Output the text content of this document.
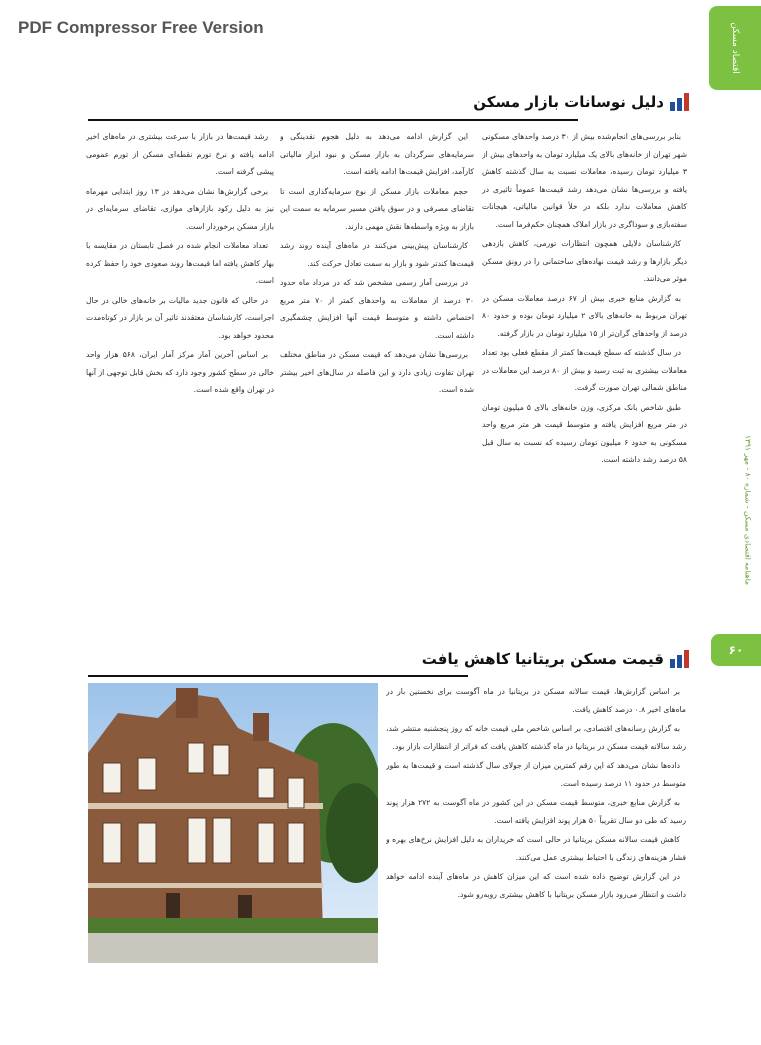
PDF Compressor Free Version	اقتصاد مسکن
ماهنامه اقتصادی مسکن - شماره ۸۰ - مهر ۱۳۹۱
۶۰
دلیل نوسانات بازار مسکن

بنابر بررسی‌های انجام‌شده بیش از ۳۰ درصد واحدهای مسکونی شهر تهران از خانه‌های بالای یک میلیارد تومان به واحدهای بیش از ۳ میلیارد تومان رسیده، معاملات نسبت به سال گذشته کاهش یافته و بررسی‌ها نشان می‌دهد رشد قیمت‌ها عموماً تاثیری در کاهش معاملات ندارد بلکه در خلأ قوانین مالیاتی، هیجانات سفته‌بازی و سوداگری در بازار املاک همچنان حکم‌فرما است.

کارشناسان دلایلی همچون انتظارات تورمی، کاهش بازدهی دیگر بازارها و رشد قیمت نهاده‌های ساختمانی را در رونق مسکن موثر می‌دانند.

به گزارش منابع خبری بیش از ۶۷ درصد معاملات مسکن در تهران مربوط به خانه‌های بالای ۲ میلیارد تومان بوده و حدود ۸۰ درصد از واحدهای گران‌تر از ۱۵ میلیارد تومان در بازار گرفته.

در سال گذشته که سطح قیمت‌ها کمتر از مقطع فعلی بود تعداد معاملات بیشتری به ثبت رسید و بیش از ۸۰ درصد این معاملات در مناطق شمالی تهران صورت گرفت.

طبق شاخص بانک مرکزی، وزن خانه‌های بالای ۵ میلیون تومان در متر مربع افزایش یافته و متوسط قیمت هر متر مربع واحد مسکونی به حدود ۶ میلیون تومان رسیده که نسبت به سال قبل ۵۸ درصد رشد داشته است.

این گزارش ادامه می‌دهد به دلیل هجوم نقدینگی و سرمایه‌های سرگردان به بازار مسکن و نبود ابزار مالیاتی کارآمد، افزایش قیمت‌ها ادامه یافته است.

حجم معاملات بازار مسکن از نوع سرمایه‌گذاری است تا تقاضای مصرفی و در سوق یافتن مسیر سرمایه به سمت این بازار به ویژه واسطه‌ها نقش مهمی دارند.

کارشناسان پیش‌بینی می‌کنند در ماه‌های آینده روند رشد قیمت‌ها کندتر شود و بازار به سمت تعادل حرکت کند.

در بررسی آمار رسمی مشخص شد که در مرداد ماه حدود ۳۰ درصد از معاملات به واحدهای کمتر از ۷۰ متر مربع اختصاص داشته و متوسط قیمت آنها افزایش چشمگیری داشته است.

بررسی‌ها نشان می‌دهد که قیمت مسکن در مناطق مختلف تهران تفاوت زیادی دارد و این فاصله در سال‌های اخیر بیشتر شده است.

رشد قیمت‌ها در بازار با سرعت بیشتری در ماه‌های اخیر ادامه یافته و نرخ تورم نقطه‌ای مسکن از تورم عمومی پیشی گرفته است.

برخی گزارش‌ها نشان می‌دهد در ۱۳ روز ابتدایی مهرماه نیز به دلیل رکود بازارهای موازی، تقاضای سرمایه‌ای در بازار مسکن برخوردار است.

تعداد معاملات انجام شده در فصل تابستان در مقایسه با بهار کاهش یافته اما قیمت‌ها روند صعودی خود را حفظ کرده است.

در حالی که قانون جدید مالیات بر خانه‌های خالی در حال اجراست، کارشناسان معتقدند تاثیر آن بر بازار در کوتاه‌مدت محدود خواهد بود.

بر اساس آخرین آمار مرکز آمار ایران، ۵۶۸ هزار واحد خالی در سطح کشور وجود دارد که بخش قابل توجهی از آنها در تهران واقع شده است.

قیمت مسکن بریتانیا کاهش یافت

بر اساس گزارش‌ها، قیمت سالانه مسکن در بریتانیا در ماه آگوست برای نخستین بار در ماه‌های اخیر ۰.۸ درصد کاهش یافت.

به گزارش رسانه‌های اقتصادی، بر اساس شاخص ملی قیمت خانه که روز پنجشنبه منتشر شد، رشد سالانه قیمت مسکن در بریتانیا در ماه گذشته کاهش یافت که فراتر از انتظارات بازار بود.

داده‌ها نشان می‌دهد که این رقم کمترین میزان از جولای سال گذشته است و قیمت‌ها به طور متوسط در حدود ۱۱ درصد رسیده است.

به گزارش منابع خبری، متوسط قیمت مسکن در این کشور در ماه آگوست به ۲۷۲ هزار پوند رسید که طی دو سال تقریباً ۵۰ هزار پوند افزایش یافته است.

کاهش قیمت سالانه مسکن بریتانیا در حالی است که خریداران به دلیل افزایش نرخ‌های بهره و فشار هزینه‌های زندگی با احتیاط بیشتری عمل می‌کنند.

در این گزارش توضیح داده شده است که این میزان کاهش در ماه‌های آینده ادامه خواهد داشت و انتظار می‌رود بازار مسکن بریتانیا با کاهش بیشتری روبه‌رو شود.
